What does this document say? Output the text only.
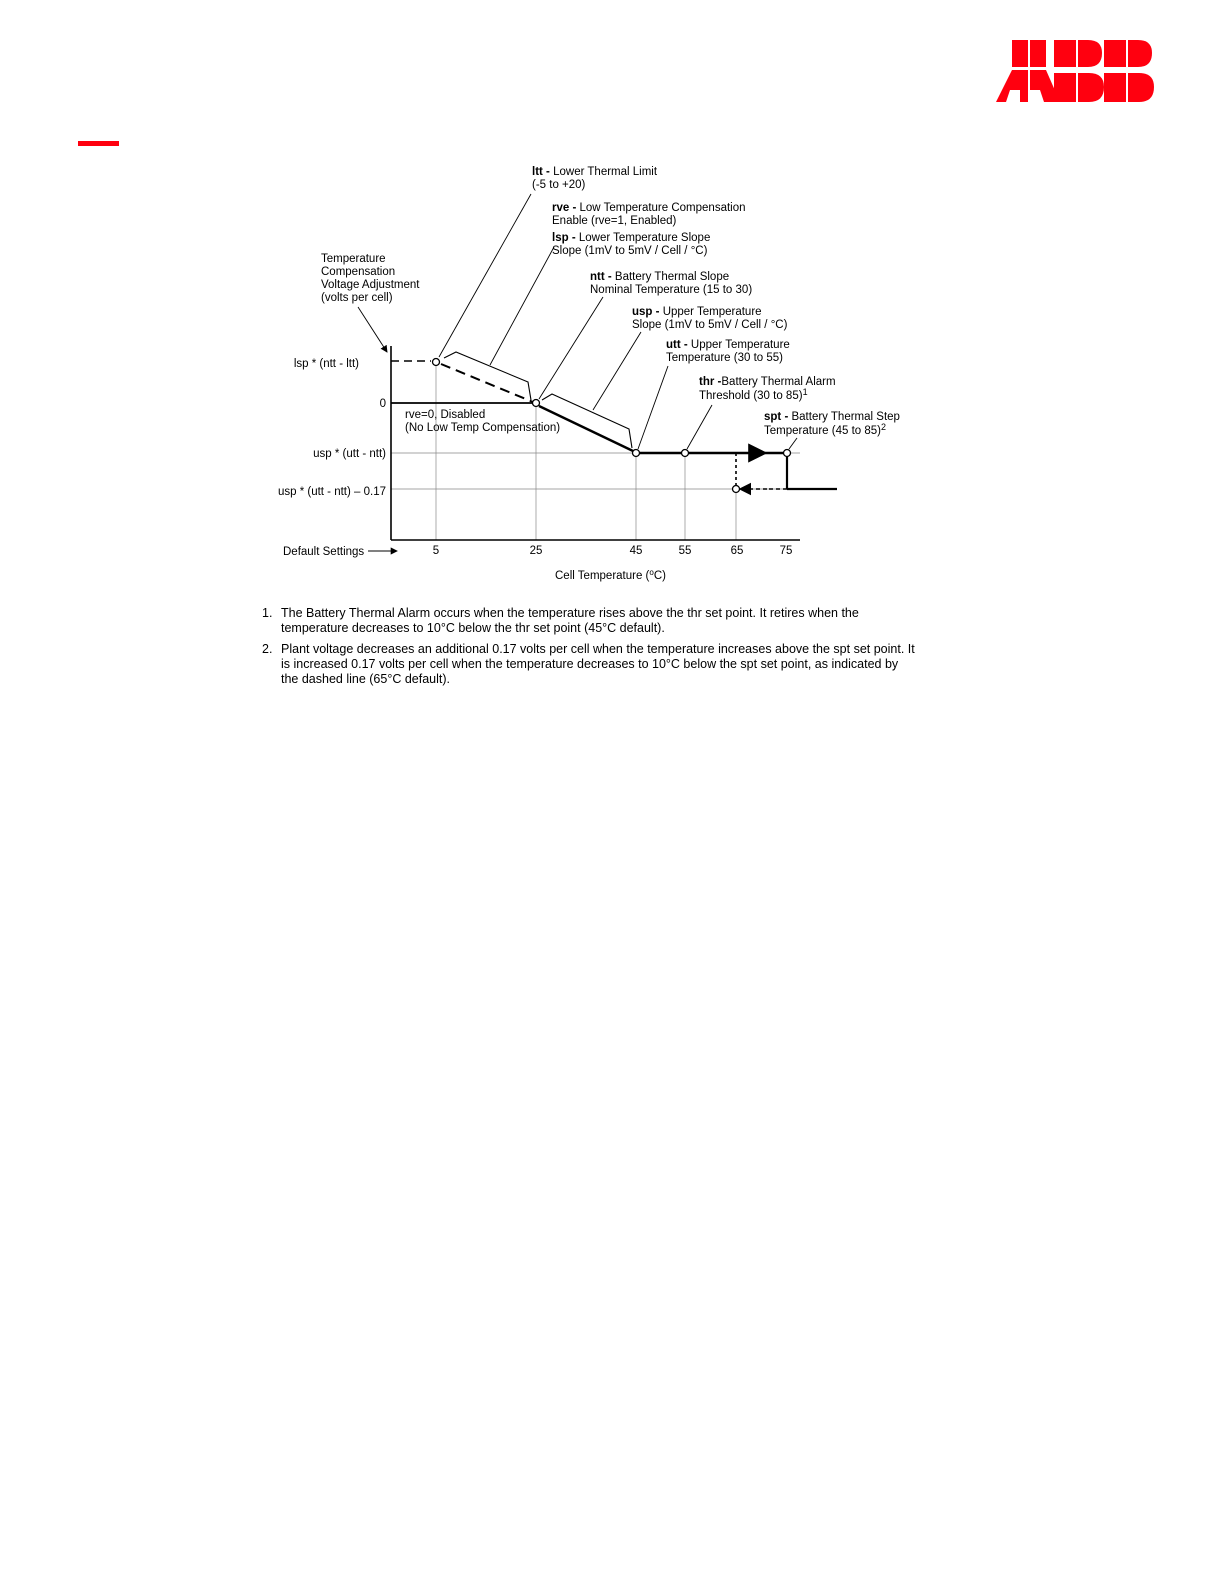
Temperature
Compensation
Voltage Adjustment
(volts per cell)
lsp * (ntt - ltt)
0
usp * (utt - ntt)
usp * (utt - ntt) – 0.17
Default Settings	5	25	45	55	65	75
Cell Temperature ($^o$C)
rve=0, Disabled
(No Low Temp Compensation)
ltt - Lower Thermal Limit
(-5 to +20)
rve - Low Temperature Compensation
Enable (rve=1, Enabled)
lsp - Lower Temperature Slope
Slope (1mV to 5mV / Cell / °C)
ntt - Battery Thermal Slope
Nominal Temperature (15 to 30)
usp - Upper Temperature
Slope (1mV to 5mV / Cell / °C)
utt - Upper Temperature
Temperature (30 to 55)
thr -Battery Thermal Alarm
Threshold (30 to 85)$^1$
spt - Battery Thermal Step
Temperature (45 to 85)$^2$
1. The Battery Thermal Alarm occurs when the temperature rises above the thr set point. It retires when the temperature decreases to 10°C below the thr set point (45°C default).
2. Plant voltage decreases an additional 0.17 volts per cell when the temperature increases above the spt set point. It is increased 0.17 volts per cell when the temperature decreases to 10°C below the spt set point, as indicated by the dashed line (65°C default).
